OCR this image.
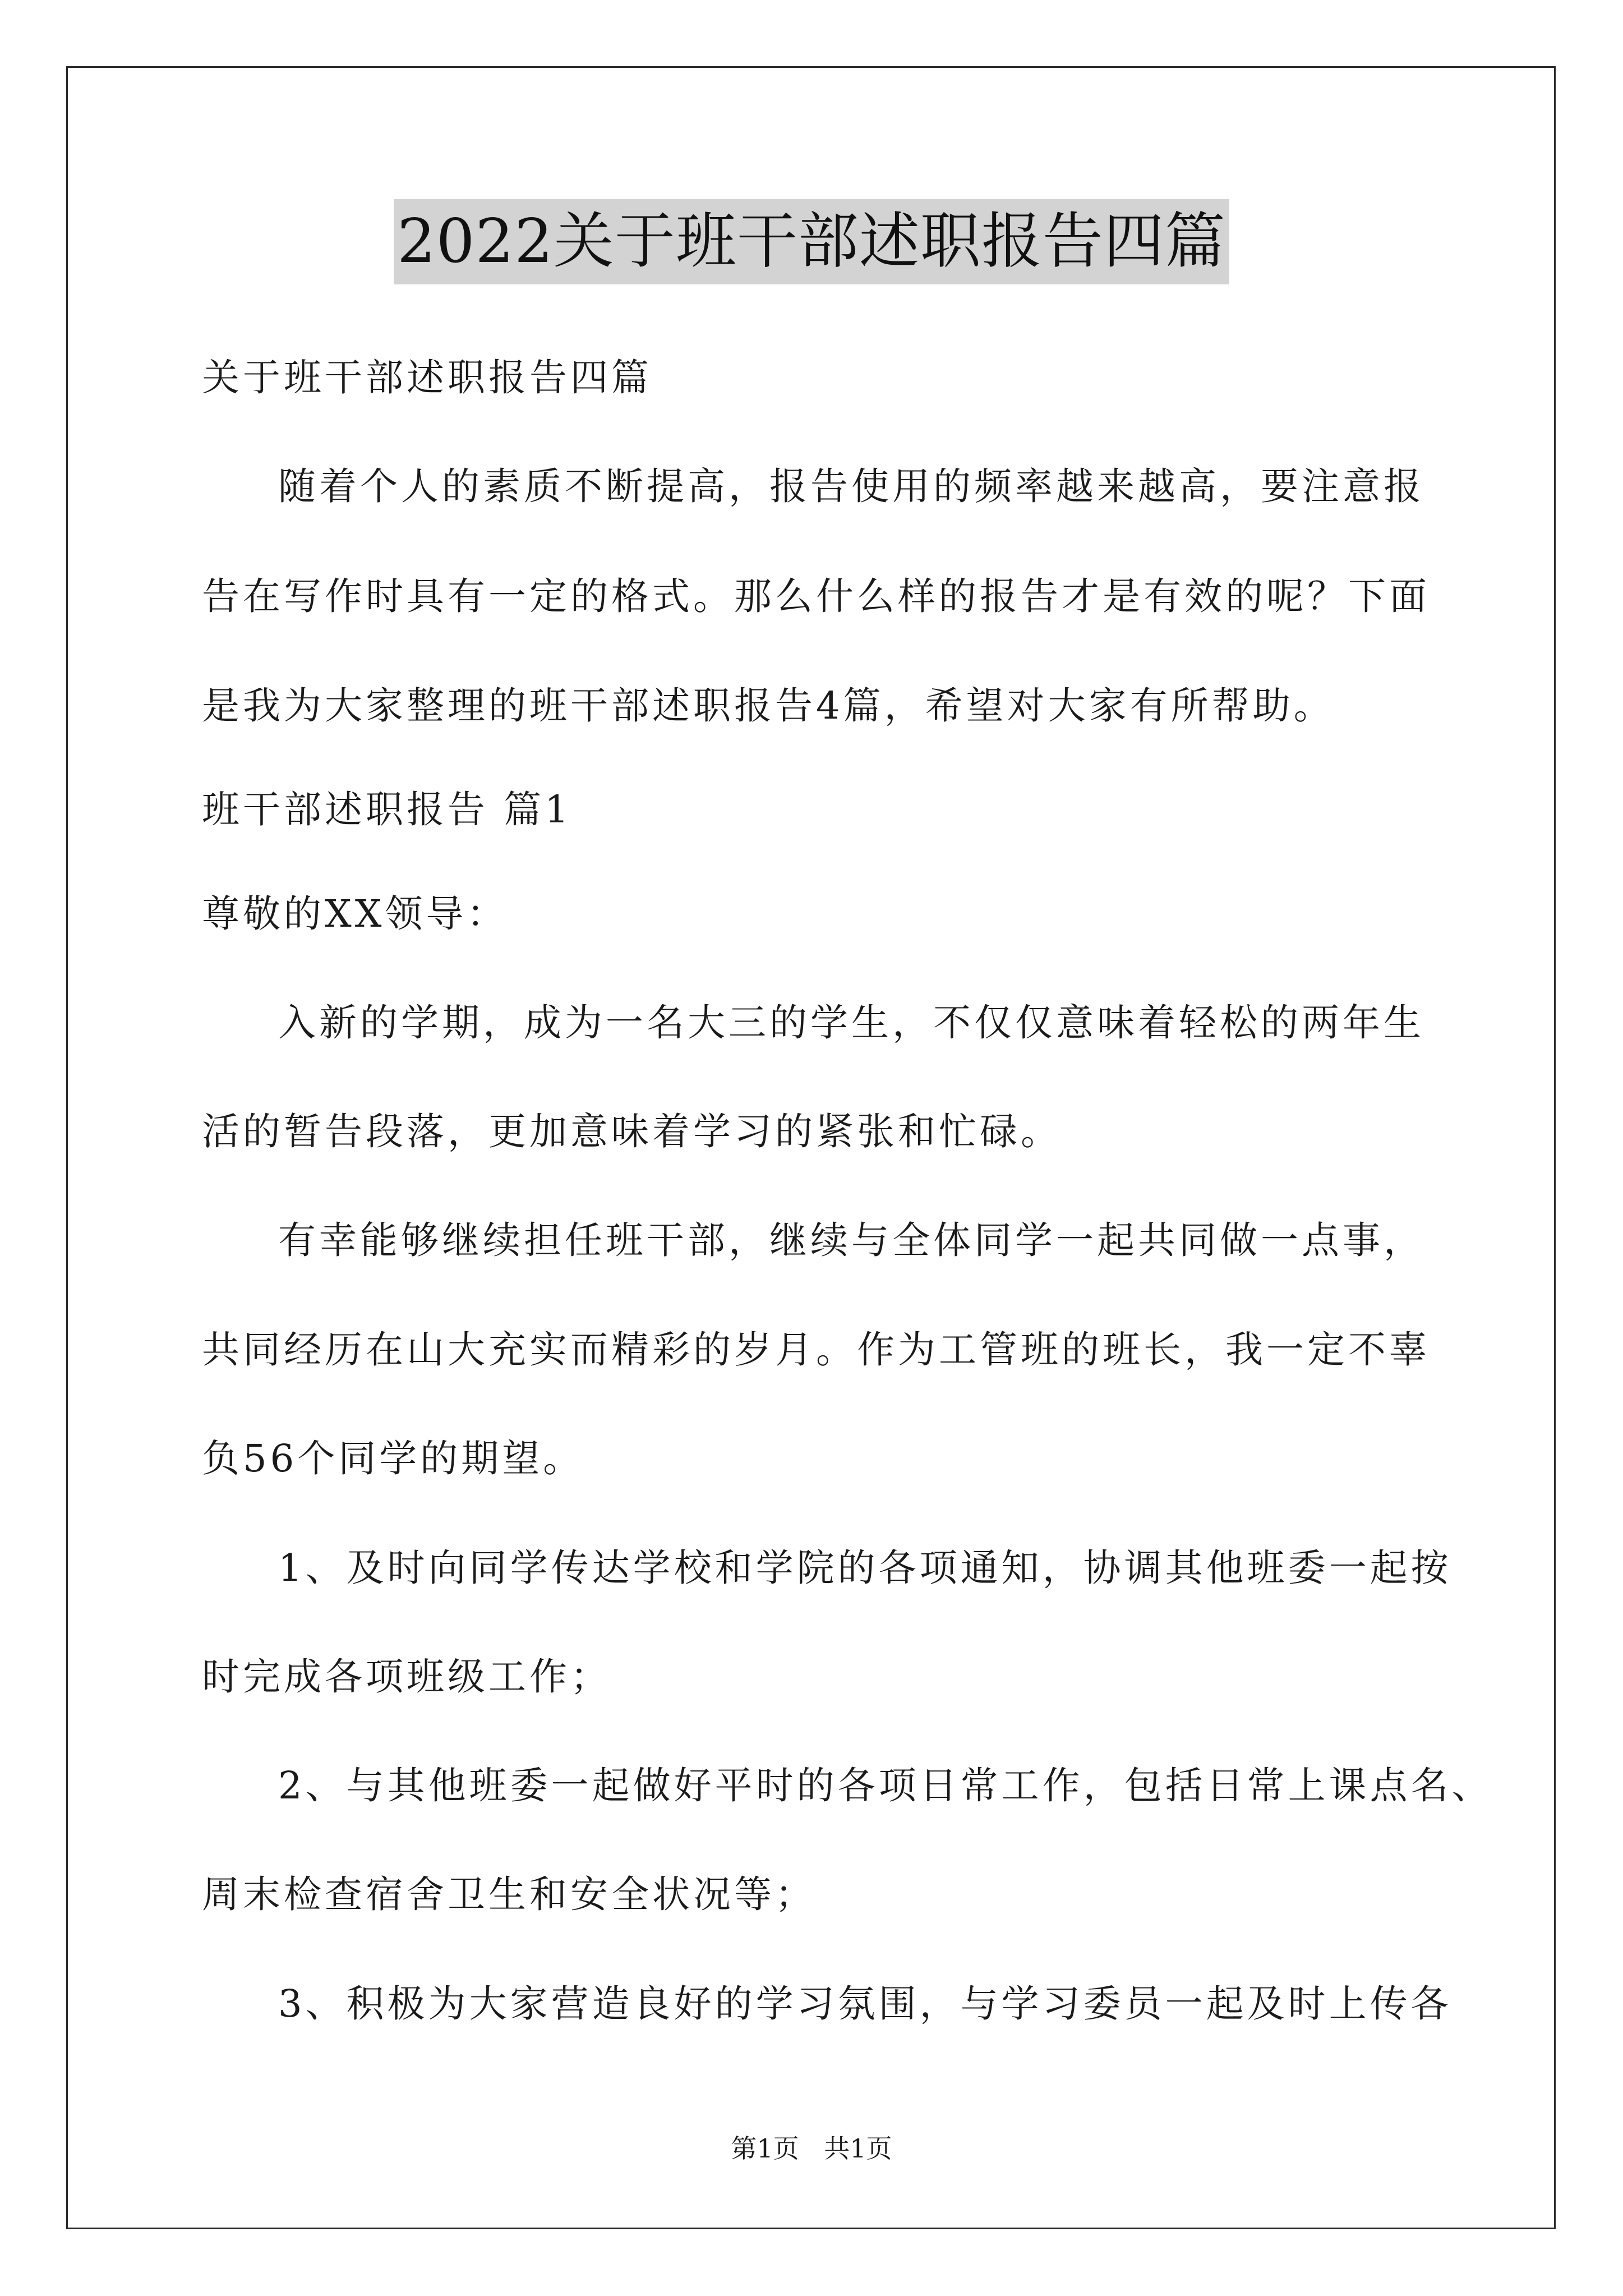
2022关于班干部述职报告四篇
关于班干部述职报告四篇
随着个人的素质不断提高，报告使用的频率越来越高，要注意报
告在写作时具有一定的格式。那么什么样的报告才是有效的呢？下面
是我为大家整理的班干部述职报告4篇，希望对大家有所帮助。
班干部述职报告 篇1
尊敬的XX领导：
入新的学期，成为一名大三的学生，不仅仅意味着轻松的两年生
活的暂告段落，更加意味着学习的紧张和忙碌。
有幸能够继续担任班干部，继续与全体同学一起共同做一点事，
共同经历在山大充实而精彩的岁月。作为工管班的班长，我一定不辜
负56个同学的期望。
1、及时向同学传达学校和学院的各项通知，协调其他班委一起按
时完成各项班级工作；
2、与其他班委一起做好平时的各项日常工作，包括日常上课点名、
周末检查宿舍卫生和安全状况等；
3、积极为大家营造良好的学习氛围，与学习委员一起及时上传各
第1页 共1页
